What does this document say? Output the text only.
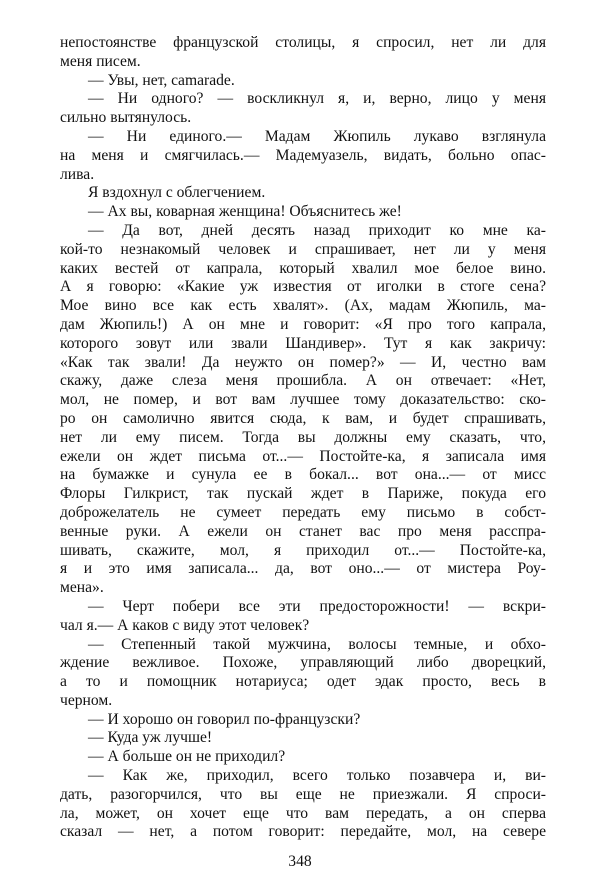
непостоянстве французской столицы, я спросил, нет ли для
меня писем.
— Увы, нет, camarade.
— Ни одного? — воскликнул я, и, верно, лицо у меня
сильно вытянулось.
— Ни единого.— Мадам Жюпиль лукаво взглянула
на меня и смягчилась.— Мадемуазель, видать, больно опас-
лива.
Я вздохнул с облегчением.
— Ах вы, коварная женщина! Объяснитесь же!
— Да вот, дней десять назад приходит ко мне ка-
кой-то незнакомый человек и спрашивает, нет ли у меня
каких вестей от капрала, который хвалил мое белое вино.
А я говорю: «Какие уж известия от иголки в стоге сена?
Мое вино все как есть хвалят». (Ах, мадам Жюпиль, ма-
дам Жюпиль!) А он мне и говорит: «Я про того капрала,
которого зовут или звали Шандивер». Тут я как закричу:
«Как так звали! Да неужто он помер?» — И, честно вам
скажу, даже слеза меня прошибла. А он отвечает: «Нет,
мол, не помер, и вот вам лучшее тому доказательство: ско-
ро он самолично явится сюда, к вам, и будет спрашивать,
нет ли ему писем. Тогда вы должны ему сказать, что,
ежели он ждет письма от...— Постойте-ка, я записала имя
на бумажке и сунула ее в бокал... вот она...— от мисс
Флоры Гилкрист, так пускай ждет в Париже, покуда его
доброжелатель не сумеет передать ему письмо в собст-
венные руки. А ежели он станет вас про меня расспра-
шивать, скажите, мол, я приходил от...— Постойте-ка,
я и это имя записала... да, вот оно...— от мистера Роу-
мена».
— Черт побери все эти предосторожности! — вскри-
чал я.— А каков с виду этот человек?
— Степенный такой мужчина, волосы темные, и обхо-
ждение вежливое. Похоже, управляющий либо дворецкий,
а то и помощник нотариуса; одет эдак просто, весь в
черном.
— И хорошо он говорил по-французски?
— Куда уж лучше!
— А больше он не приходил?
— Как же, приходил, всего только позавчера и, ви-
дать, разогорчился, что вы еще не приезжали. Я спроси-
ла, может, он хочет еще что вам передать, а он сперва
сказал — нет, а потом говорит: передайте, мол, на севере
348
